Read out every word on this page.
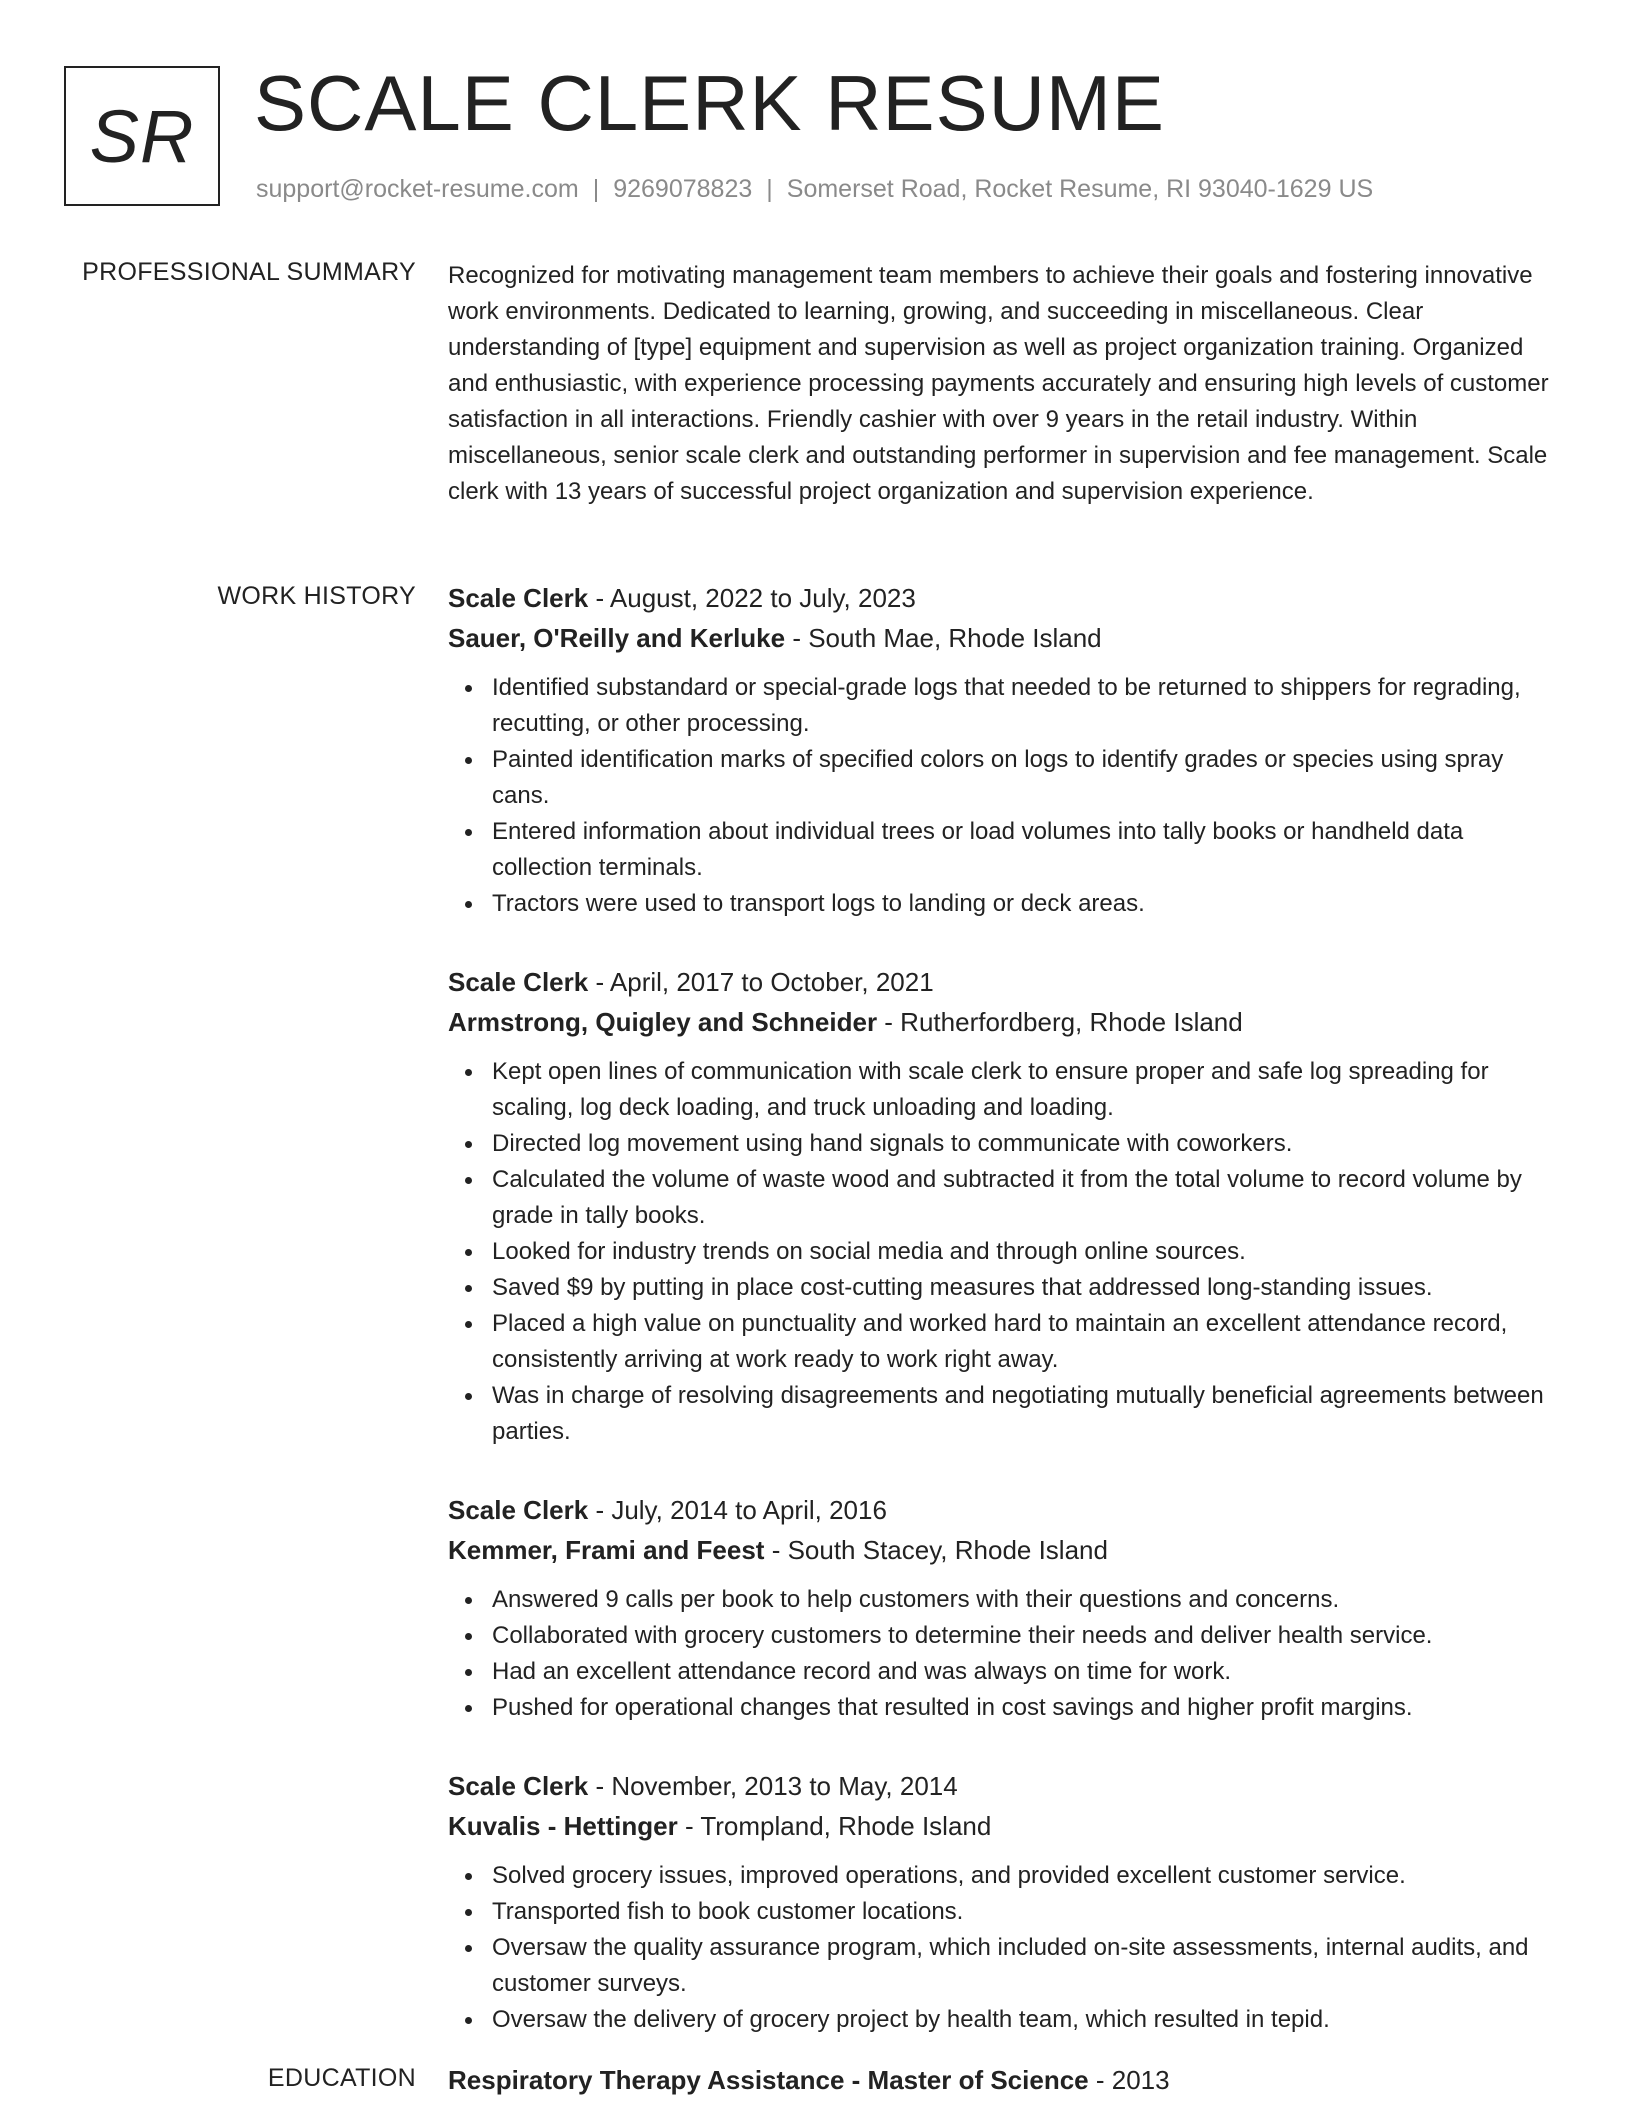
SR SCALE CLERK RESUME
support@rocket-resume.com | 9269078823 | Somerset Road, Rocket Resume, RI 93040-1629 US
PROFESSIONAL SUMMARY Recognized for motivating management team members to achieve their goals and fostering innovative work environments. Dedicated to learning, growing, and succeeding in miscellaneous. Clear understanding of [type] equipment and supervision as well as project organization training. Organized and enthusiastic, with experience processing payments accurately and ensuring high levels of customer satisfaction in all interactions. Friendly cashier with over 9 years in the retail industry. Within miscellaneous, senior scale clerk and outstanding performer in supervision and fee management. Scale clerk with 13 years of successful project organization and supervision experience.

WORK HISTORY Scale Clerk - August, 2022 to July, 2023
Sauer, O'Reilly and Kerluke - South Mae, Rhode Island
Identified substandard or special-grade logs that needed to be returned to shippers for regrading, recutting, or other processing.
Painted identification marks of specified colors on logs to identify grades or species using spray cans.
Entered information about individual trees or load volumes into tally books or handheld data collection terminals.
Tractors were used to transport logs to landing or deck areas.
Scale Clerk - April, 2017 to October, 2021
Armstrong, Quigley and Schneider - Rutherfordberg, Rhode Island
Kept open lines of communication with scale clerk to ensure proper and safe log spreading for scaling, log deck loading, and truck unloading and loading.
Directed log movement using hand signals to communicate with coworkers.
Calculated the volume of waste wood and subtracted it from the total volume to record volume by grade in tally books.
Looked for industry trends on social media and through online sources.
Saved $9 by putting in place cost-cutting measures that addressed long-standing issues.
Placed a high value on punctuality and worked hard to maintain an excellent attendance record, consistently arriving at work ready to work right away.
Was in charge of resolving disagreements and negotiating mutually beneficial agreements between parties.
Scale Clerk - July, 2014 to April, 2016
Kemmer, Frami and Feest - South Stacey, Rhode Island
Answered 9 calls per book to help customers with their questions and concerns.
Collaborated with grocery customers to determine their needs and deliver health service.
Had an excellent attendance record and was always on time for work.
Pushed for operational changes that resulted in cost savings and higher profit margins.
Scale Clerk - November, 2013 to May, 2014
Kuvalis - Hettinger - Trompland, Rhode Island
Solved grocery issues, improved operations, and provided excellent customer service.
Transported fish to book customer locations.
Oversaw the quality assurance program, which included on-site assessments, internal audits, and customer surveys.
Oversaw the delivery of grocery project by health team, which resulted in tepid.
EDUCATION Respiratory Therapy Assistance - Master of Science - 2013
